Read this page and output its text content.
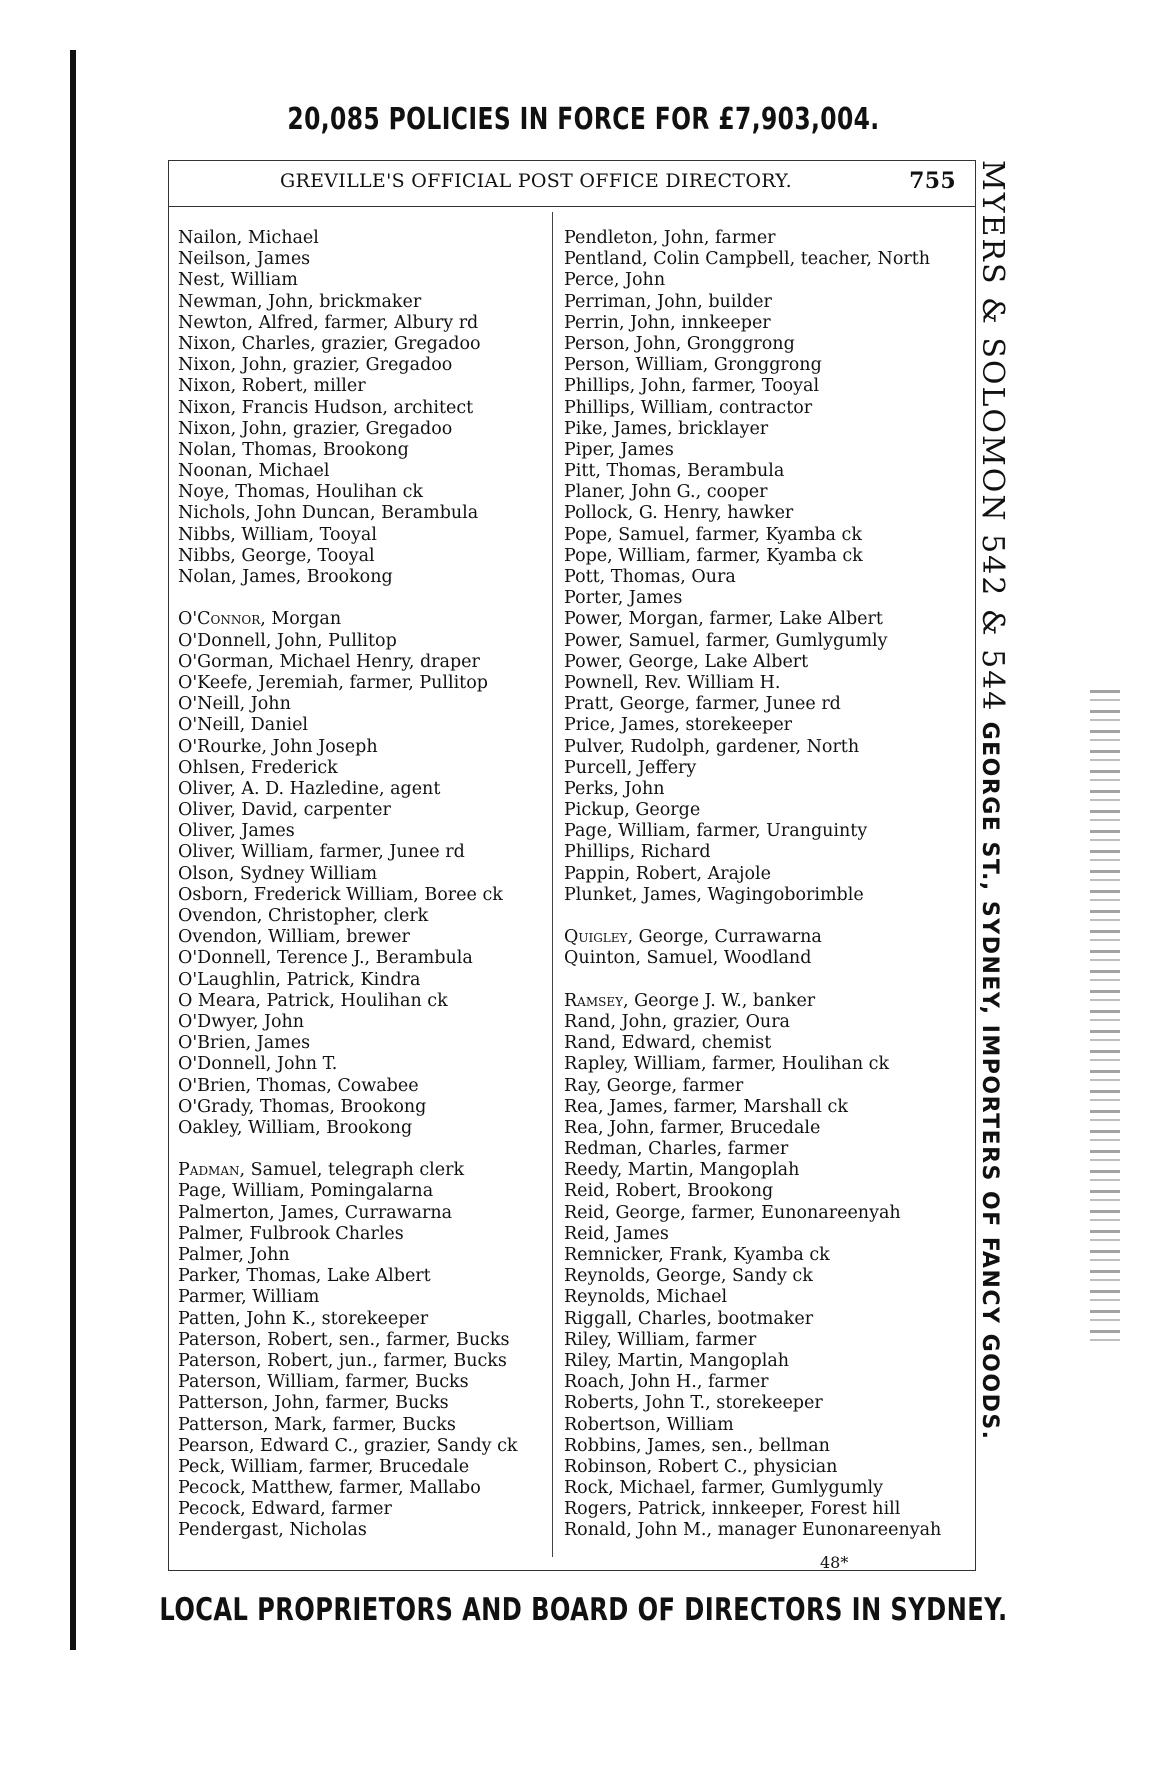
20,085 POLICIES IN FORCE FOR £7,903,004.
GREVILLE'S OFFICIAL POST OFFICE DIRECTORY.	755
Nailon, Michael
Neilson, James
Nest, William
Newman, John, brickmaker
Newton, Alfred, farmer, Albury rd
Nixon, Charles, grazier, Gregadoo
Nixon, John, grazier, Gregadoo
Nixon, Robert, miller
Nixon, Francis Hudson, architect
Nixon, John, grazier, Gregadoo
Nolan, Thomas, Brookong
Noonan, Michael
Noye, Thomas, Houlihan ck
Nichols, John Duncan, Berambula
Nibbs, William, Tooyal
Nibbs, George, Tooyal
Nolan, James, Brookong
O'Connor, Morgan
O'Donnell, John, Pullitop
O'Gorman, Michael Henry, draper
O'Keefe, Jeremiah, farmer, Pullitop
O'Neill, John
O'Neill, Daniel
O'Rourke, John Joseph
Ohlsen, Frederick
Oliver, A. D. Hazledine, agent
Oliver, David, carpenter
Oliver, James
Oliver, William, farmer, Junee rd
Olson, Sydney William
Osborn, Frederick William, Boree ck
Ovendon, Christopher, clerk
Ovendon, William, brewer
O'Donnell, Terence J., Berambula
O'Laughlin, Patrick, Kindra
O Meara, Patrick, Houlihan ck
O'Dwyer, John
O'Brien, James
O'Donnell, John T.
O'Brien, Thomas, Cowabee
O'Grady, Thomas, Brookong
Oakley, William, Brookong
Padman, Samuel, telegraph clerk
Page, William, Pomingalarna
Palmerton, James, Currawarna
Palmer, Fulbrook Charles
Palmer, John
Parker, Thomas, Lake Albert
Parmer, William
Patten, John K., storekeeper
Paterson, Robert, sen., farmer, Bucks
Paterson, Robert, jun., farmer, Bucks
Paterson, William, farmer, Bucks
Patterson, John, farmer, Bucks
Patterson, Mark, farmer, Bucks
Pearson, Edward C., grazier, Sandy ck
Peck, William, farmer, Brucedale
Pecock, Matthew, farmer, Mallabo
Pecock, Edward, farmer
Pendergast, Nicholas
Pendleton, John, farmer
Pentland, Colin Campbell, teacher, North
Perce, John
Perriman, John, builder
Perrin, John, innkeeper
Person, John, Gronggrong
Person, William, Gronggrong
Phillips, John, farmer, Tooyal
Phillips, William, contractor
Pike, James, bricklayer
Piper, James
Pitt, Thomas, Berambula
Planer, John G., cooper
Pollock, G. Henry, hawker
Pope, Samuel, farmer, Kyamba ck
Pope, William, farmer, Kyamba ck
Pott, Thomas, Oura
Porter, James
Power, Morgan, farmer, Lake Albert
Power, Samuel, farmer, Gumlygumly
Power, George, Lake Albert
Pownell, Rev. William H.
Pratt, George, farmer, Junee rd
Price, James, storekeeper
Pulver, Rudolph, gardener, North
Purcell, Jeffery
Perks, John
Pickup, George
Page, William, farmer, Uranguinty
Phillips, Richard
Pappin, Robert, Arajole
Plunket, James, Wagingoborimble
Quigley, George, Currawarna
Quinton, Samuel, Woodland
Ramsey, George J. W., banker
Rand, John, grazier, Oura
Rand, Edward, chemist
Rapley, William, farmer, Houlihan ck
Ray, George, farmer
Rea, James, farmer, Marshall ck
Rea, John, farmer, Brucedale
Redman, Charles, farmer
Reedy, Martin, Mangoplah
Reid, Robert, Brookong
Reid, George, farmer, Eunonareenyah
Reid, James
Remnicker, Frank, Kyamba ck
Reynolds, George, Sandy ck
Reynolds, Michael
Riggall, Charles, bootmaker
Riley, William, farmer
Riley, Martin, Mangoplah
Roach, John H., farmer
Roberts, John T., storekeeper
Robertson, William
Robbins, James, sen., bellman
Robinson, Robert C., physician
Rock, Michael, farmer, Gumlygumly
Rogers, Patrick, innkeeper, Forest hill
Ronald, John M., manager Eunonareenyah
48*
MYERS & SOLOMON 542 & 544 GEORGE ST., SYDNEY, IMPORTERS OF FANCY GOODS.
LOCAL PROPRIETORS AND BOARD OF DIRECTORS IN SYDNEY.
